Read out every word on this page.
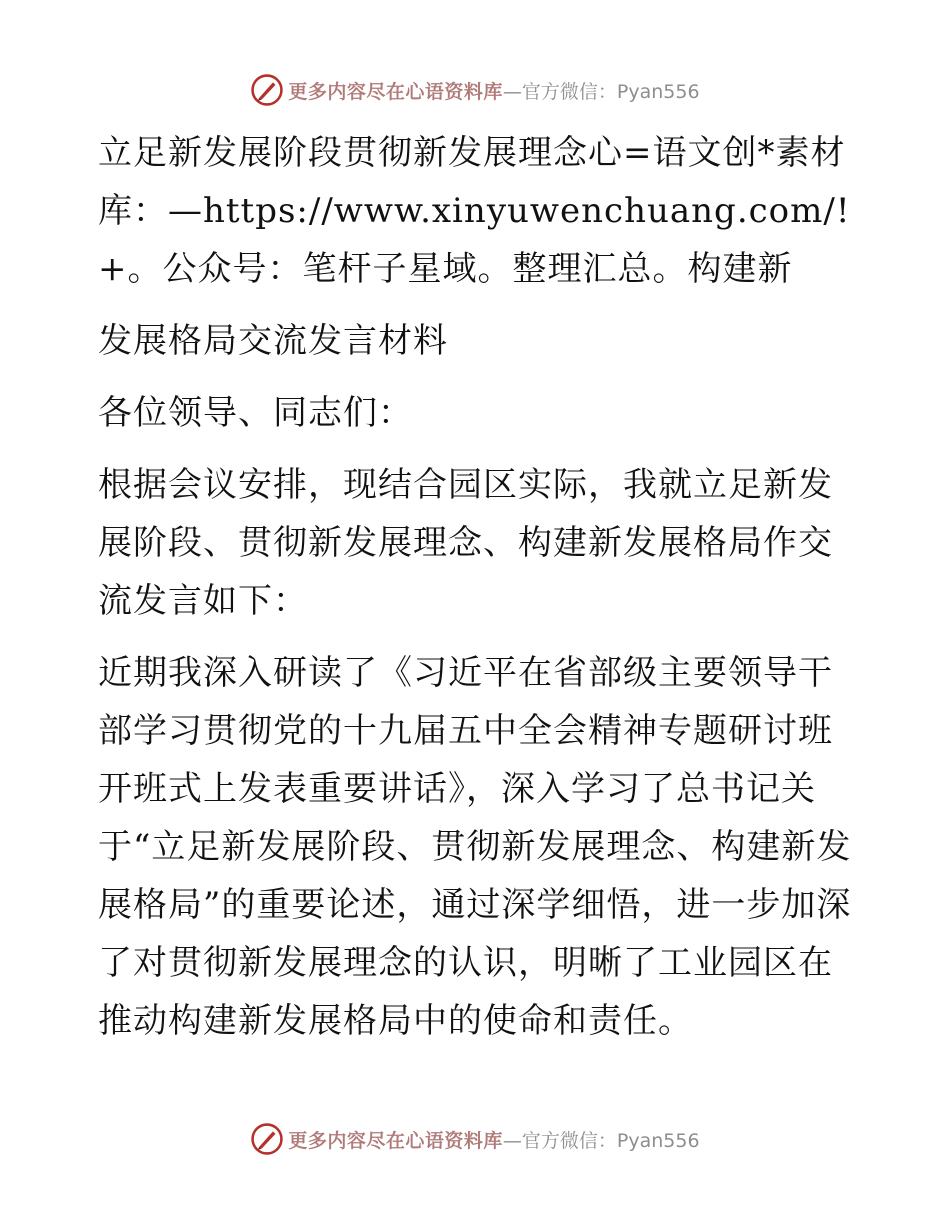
更多内容尽在心语资料库 —官方微信：Pyan556

立足新发展阶段贯彻新发展理念心=语文创*素材库：—https://www.xinyuwenchuang.com/! +。公众号：笔杆子星域。整理汇总。构建新

发展格局交流发言材料

各位领导、同志们：

根据会议安排，现结合园区实际，我就立足新发展阶段、贯彻新发展理念、构建新发展格局作交流发言如下：

近期我深入研读了《习近平在省部级主要领导干部学习贯彻党的十九届五中全会精神专题研讨班开班式上发表重要讲话》，深入学习了总书记关于“立足新发展阶段、贯彻新发展理念、构建新发展格局”的重要论述，通过深学细悟，进一步加深了对贯彻新发展理念的认识，明晰了工业园区在推动构建新发展格局中的使命和责任。

更多内容尽在心语资料库 —官方微信：Pyan556
